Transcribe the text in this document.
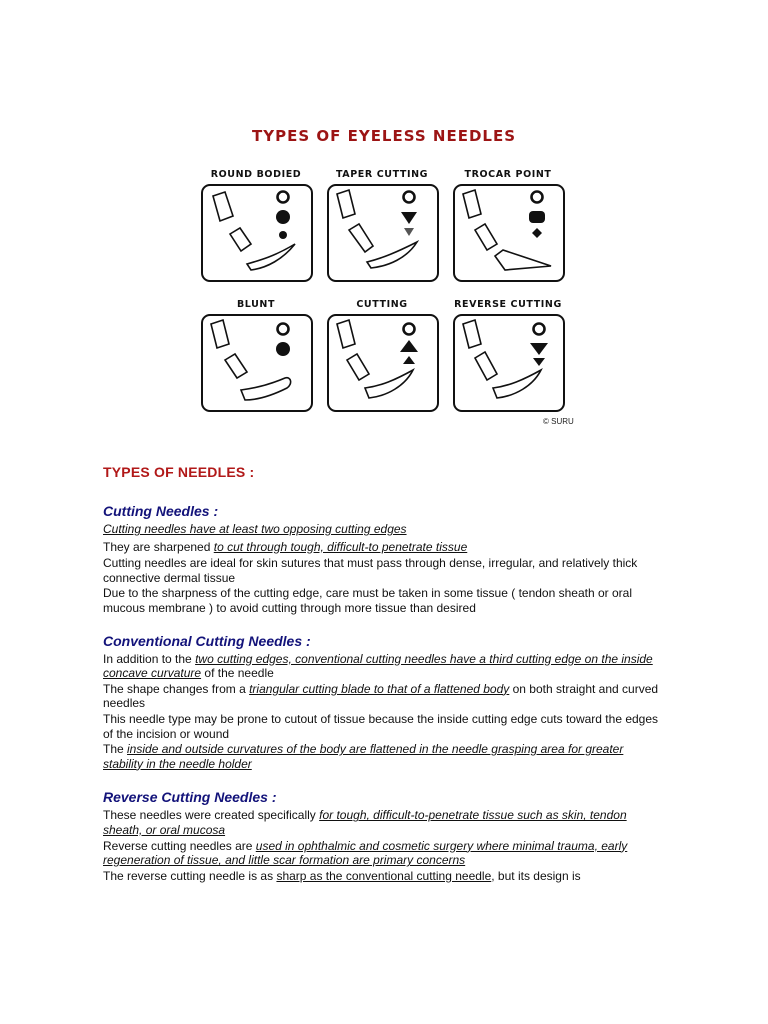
TYPES OF EYELESS NEEDLES
ROUND BODIED	TAPER CUTTING	TROCAR POINT
BLUNT	CUTTING	REVERSE CUTTING
© SURU
TYPES OF NEEDLES :
Cutting Needles :

Cutting needles have at least two opposing cutting edges

They are sharpened to cut through tough, difficult-to penetrate tissue

Cutting needles are ideal for skin sutures that must pass through dense, irregular, and relatively thick connective dermal tissue

Due to the sharpness of the cutting edge, care must be taken in some tissue ( tendon sheath or oral mucous membrane ) to avoid cutting through more tissue than desired

Conventional Cutting Needles :

In addition to the two cutting edges, conventional cutting needles have a third cutting edge on the inside concave curvature of the needle

The shape changes from a triangular cutting blade to that of a flattened body on both straight and curved needles

This needle type may be prone to cutout of tissue because the inside cutting edge cuts toward the edges of the incision or wound

The inside and outside curvatures of the body are flattened in the needle grasping area for greater stability in the needle holder

Reverse Cutting Needles :

These needles were created specifically for tough, difficult-to-penetrate tissue such as skin, tendon sheath, or oral mucosa

Reverse cutting needles are used in ophthalmic and cosmetic surgery where minimal trauma, early regeneration of tissue, and little scar formation are primary concerns

The reverse cutting needle is as sharp as the conventional cutting needle, but its design is
